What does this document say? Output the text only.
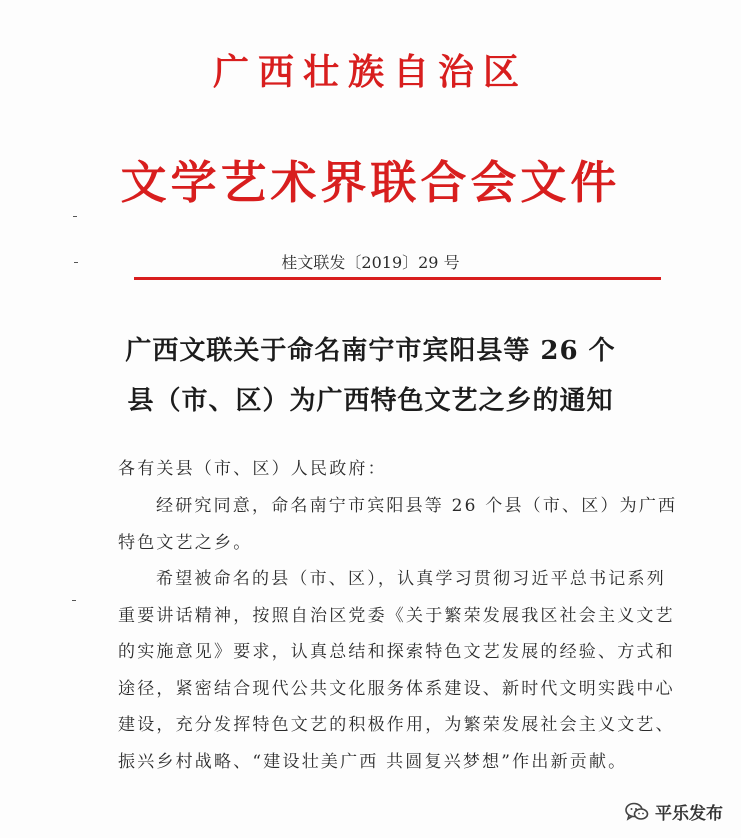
广西壮族自治区
文学艺术界联合会文件
桂文联发〔2019〕29 号
广西文联关于命名南宁市宾阳县等 26 个
县（市、区）为广西特色文艺之乡的通知
各有关县（市、区）人民政府：
经研究同意，命名南宁市宾阳县等 26 个县（市、区）为广西特色文艺之乡。
希望被命名的县（市、区），认真学习贯彻习近平总书记系列重要讲话精神，按照自治区党委《关于繁荣发展我区社会主义文艺的实施意见》要求，认真总结和探索特色文艺发展的经验、方式和途径，紧密结合现代公共文化服务体系建设、新时代文明实践中心建设，充分发挥特色文艺的积极作用，为繁荣发展社会主义文艺、振兴乡村战略、“建设壮美广西 共圆复兴梦想”作出新贡献。
平乐发布
